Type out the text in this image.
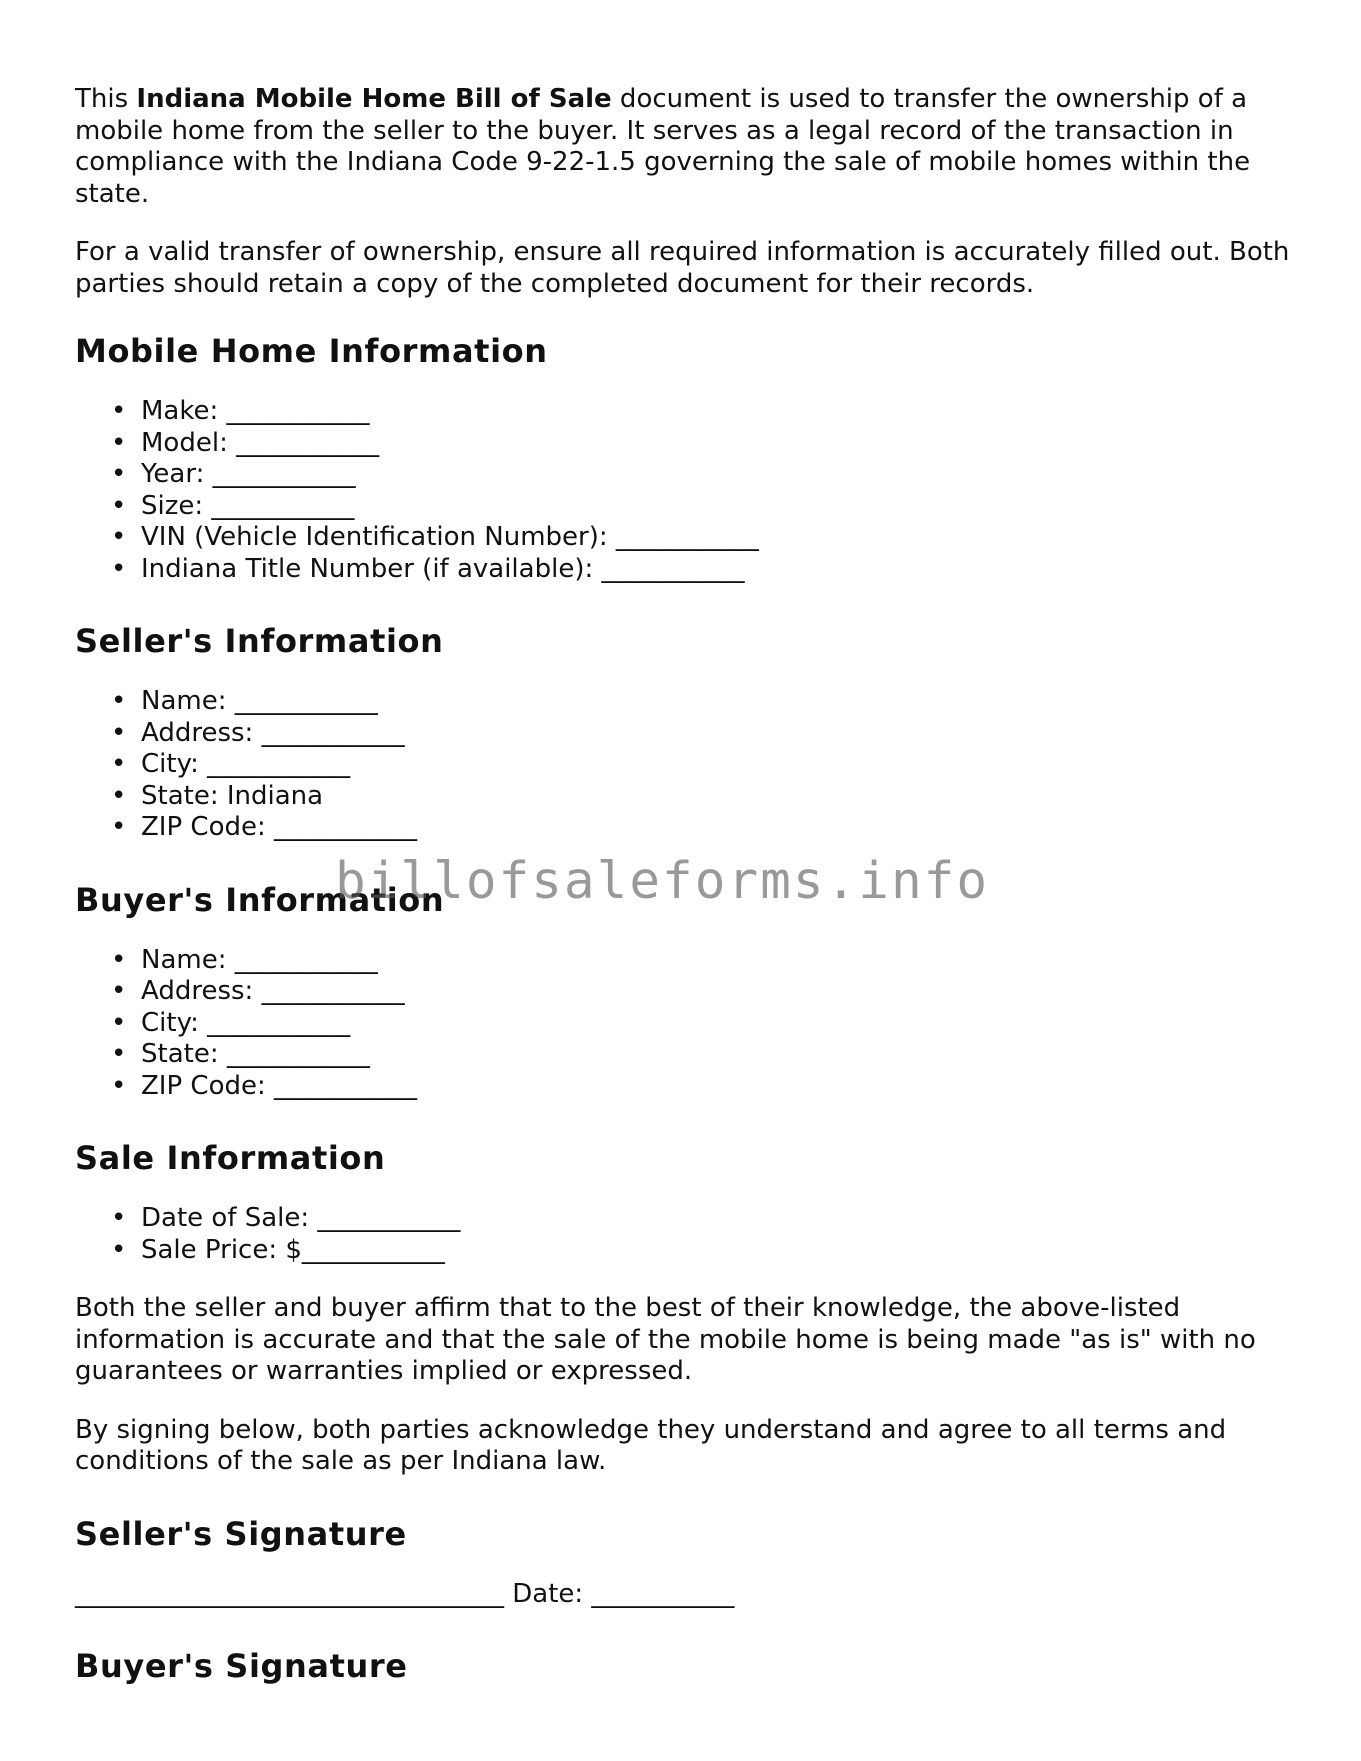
This Indiana Mobile Home Bill of Sale document is used to transfer the ownership of a mobile home from the seller to the buyer. It serves as a legal record of the transaction in compliance with the Indiana Code 9-22-1.5 governing the sale of mobile homes within the state.

For a valid transfer of ownership, ensure all required information is accurately filled out. Both parties should retain a copy of the completed document for their records.

Mobile Home Information
• Make: ___________
• Model: ___________
• Year: ___________
• Size: ___________
• VIN (Vehicle Identification Number): ___________
• Indiana Title Number (if available): ___________
Seller's Information
• Name: ___________
• Address: ___________
• City: ___________
• State: Indiana
• ZIP Code: ___________
Buyer's Information
• Name: ___________
• Address: ___________
• City: ___________
• State: ___________
• ZIP Code: ___________
Sale Information
• Date of Sale: ___________
• Sale Price: $___________

Both the seller and buyer affirm that to the best of their knowledge, the above-listed information is accurate and that the sale of the mobile home is being made "as is" with no guarantees or warranties implied or expressed.

By signing below, both parties acknowledge they understand and agree to all terms and conditions of the sale as per Indiana law.

Seller's Signature

_________________________________ Date: ___________

Buyer's Signature
billofsaleforms.info
